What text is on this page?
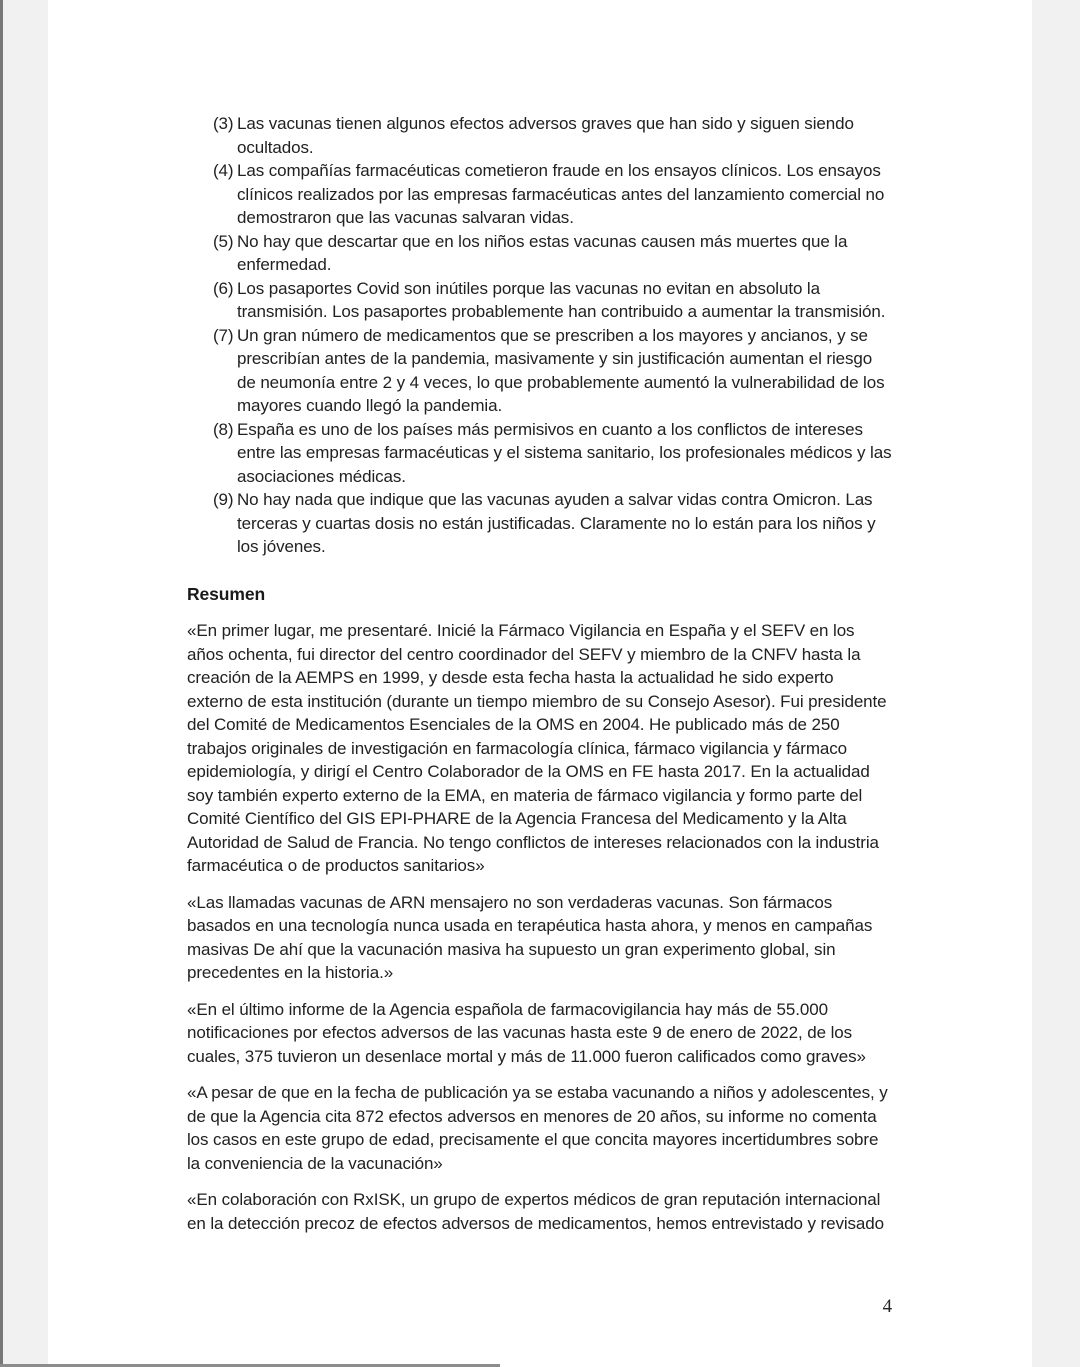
(3) Las vacunas tienen algunos efectos adversos graves que han sido y siguen siendo ocultados.
(4) Las compañías farmacéuticas cometieron fraude en los ensayos clínicos. Los ensayos clínicos realizados por las empresas farmacéuticas antes del lanzamiento comercial no demostraron que las vacunas salvaran vidas.
(5) No hay que descartar que en los niños estas vacunas causen más muertes que la enfermedad.
(6) Los pasaportes Covid son inútiles porque las vacunas no evitan en absoluto la transmisión. Los pasaportes probablemente han contribuido a aumentar la transmisión.
(7) Un gran número de medicamentos que se prescriben a los mayores y ancianos, y se prescribían antes de la pandemia, masivamente y sin justificación aumentan el riesgo de neumonía entre 2 y 4 veces, lo que probablemente aumentó la vulnerabilidad de los mayores cuando llegó la pandemia.
(8) España es uno de los países más permisivos en cuanto a los conflictos de intereses entre las empresas farmacéuticas y el sistema sanitario, los profesionales médicos y las asociaciones médicas.
(9) No hay nada que indique que las vacunas ayuden a salvar vidas contra Omicron. Las terceras y cuartas dosis no están justificadas. Claramente no lo están para los niños y los jóvenes.
Resumen

«En primer lugar, me presentaré. Inicié la Fármaco Vigilancia en España y el SEFV en los años ochenta, fui director del centro coordinador del SEFV y miembro de la CNFV hasta la creación de la AEMPS en 1999, y desde esta fecha hasta la actualidad he sido experto externo de esta institución (durante un tiempo miembro de su Consejo Asesor). Fui presidente del Comité de Medicamentos Esenciales de la OMS en 2004. He publicado más de 250 trabajos originales de investigación en farmacología clínica, fármaco vigilancia y fármaco epidemiología, y dirigí el Centro Colaborador de la OMS en FE hasta 2017. En la actualidad soy también experto externo de la EMA, en materia de fármaco vigilancia y formo parte del Comité Científico del GIS EPI-PHARE de la Agencia Francesa del Medicamento y la Alta Autoridad de Salud de Francia. No tengo conflictos de intereses relacionados con la industria farmacéutica o de productos sanitarios»

«Las llamadas vacunas de ARN mensajero no son verdaderas vacunas. Son fármacos basados en una tecnología nunca usada en terapéutica hasta ahora, y menos en campañas masivas De ahí que la vacunación masiva ha supuesto un gran experimento global, sin precedentes en la historia.»

«En el último informe de la Agencia española de farmacovigilancia hay más de 55.000 notificaciones por efectos adversos de las vacunas hasta este 9 de enero de 2022, de los cuales, 375 tuvieron un desenlace mortal y más de 11.000 fueron calificados como graves»

«A pesar de que en la fecha de publicación ya se estaba vacunando a niños y adolescentes, y de que la Agencia cita 872 efectos adversos en menores de 20 años, su informe no comenta los casos en este grupo de edad, precisamente el que concita mayores incertidumbres sobre la conveniencia de la vacunación»

«En colaboración con RxISK, un grupo de expertos médicos de gran reputación internacional en la detección precoz de efectos adversos de medicamentos, hemos entrevistado y revisado

4
